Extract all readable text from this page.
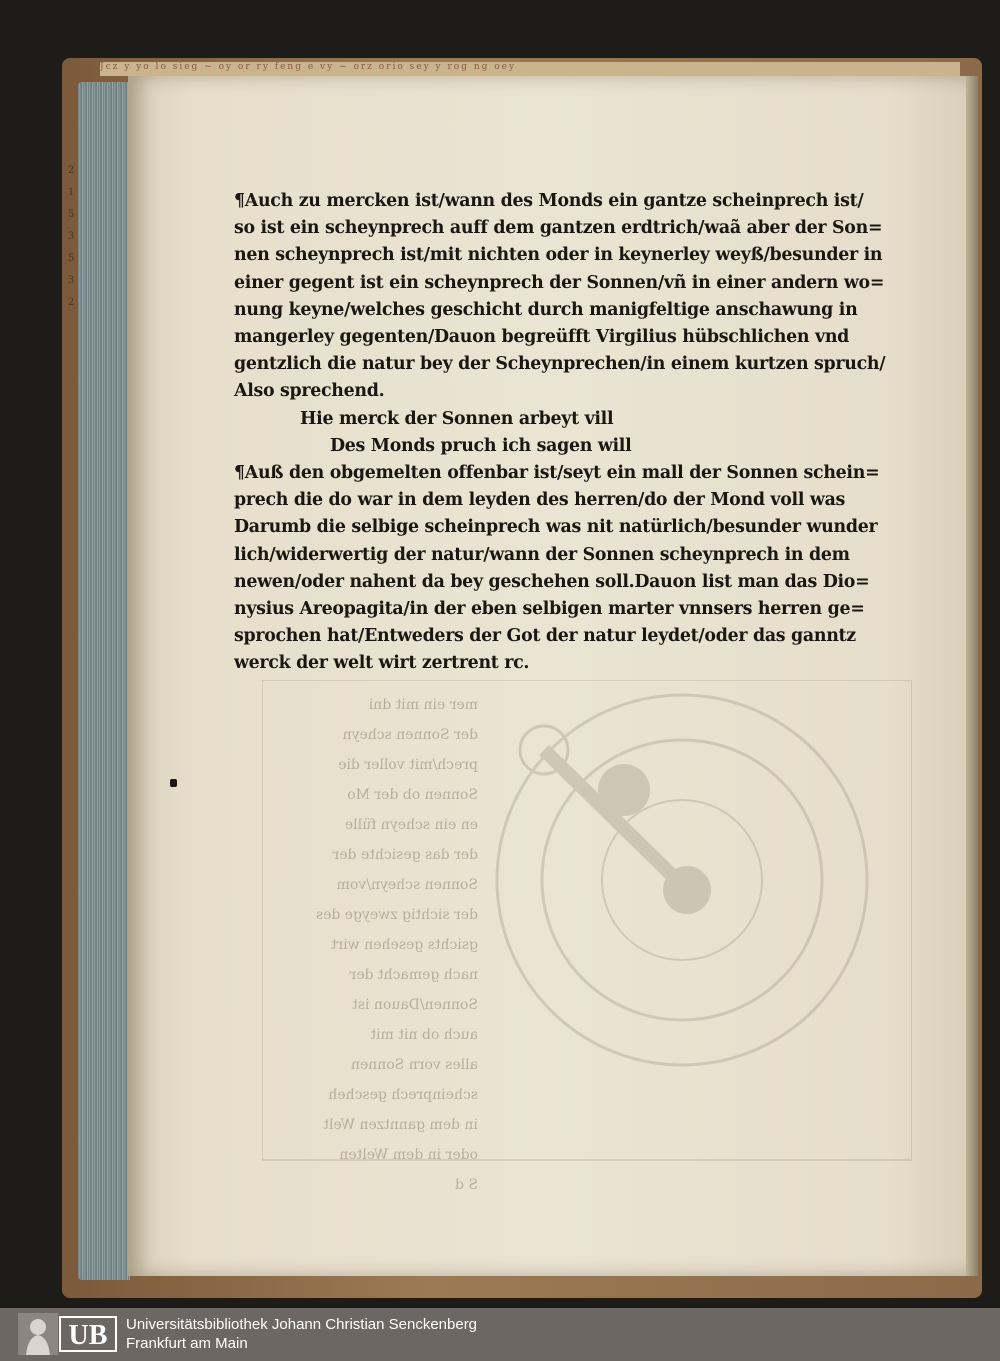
Jcz y yo lo sieg ~ oy or ry feng e vy ~ orz orio sey y rog ng oey
2
1
5
3
5
3
2
mer ein mit dni
der Sonnen scheyn
prech/mit voller die
Sonnen ob der Mo
en ein scheyn fülle
der das gesichte der
Sonnen scheyn/vom
der sichtig zweyge des
gsichts gesehen wirt
nach gemacht der
Sonnen/Dauon ist
auch ob nit mit
alles vorn Sonnen
scheinprech gescheh
in dem ganntzen Welt
oder in dem Welten
S d
¶Auch zu mercken ist/wann des Monds ein gantze scheinprech ist/
so ist ein scheynprech auff dem gantzen erdtrich/waã aber der Son=
nen scheynprech ist/mit nichten oder in keynerley weyß/besunder in
einer gegent ist ein scheynprech der Sonnen/vñ in einer andern wo=
nung keyne/welches geschicht durch manigfeltige anschawung in
mangerley gegenten/Dauon begreüfft Virgilius hübschlichen vnd
gentzlich die natur bey der Scheynprechen/in einem kurtzen spruch/
Also sprechend.
Hie merck der Sonnen arbeyt vill
Des Monds pruch ich sagen will
¶Auß den obgemelten offenbar ist/seyt ein mall der Sonnen schein=
prech die do war in dem leyden des herren/do der Mond voll was
Darumb die selbige scheinprech was nit natürlich/besunder wunder
lich/widerwertig der natur/wann der Sonnen scheynprech in dem
newen/oder nahent da bey geschehen soll.Dauon list man das Dio=
nysius Areopagita/in der eben selbigen marter vnnsers herren ge=
sprochen hat/Entweders der Got der natur leydet/oder das ganntz
werck der welt wirt zertrent rc.
UB Universitätsbibliothek Johann Christian Senckenberg
Frankfurt am Main
